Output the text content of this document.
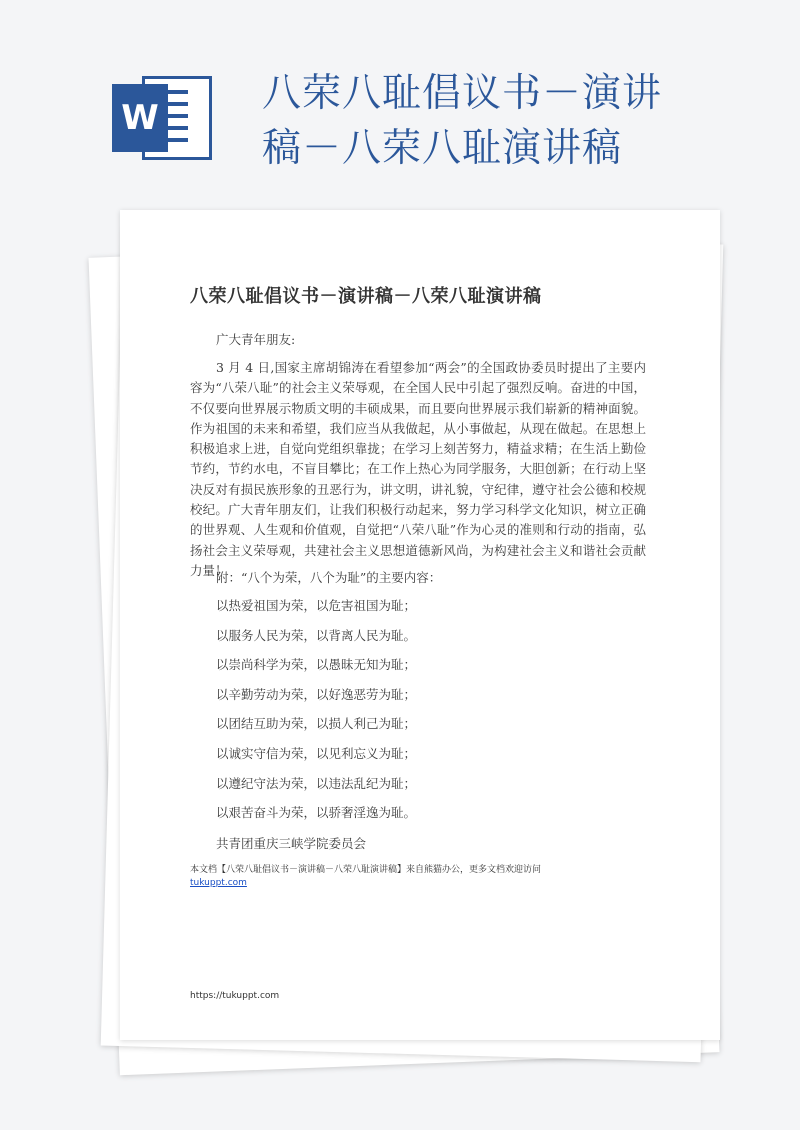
W
八荣八耻倡议书－演讲
稿－八荣八耻演讲稿
八荣八耻倡议书－演讲稿－八荣八耻演讲稿

广大青年朋友:

3 月 4 日,国家主席胡锦涛在看望参加“两会”的全国政协委员时提出了主要内容为“八荣八耻”的社会主义荣辱观，在全国人民中引起了强烈反响。奋进的中国，不仅要向世界展示物质文明的丰硕成果，而且要向世界展示我们崭新的精神面貌。作为祖国的未来和希望，我们应当从我做起，从小事做起，从现在做起。在思想上积极追求上进，自觉向党组织靠拢；在学习上刻苦努力，精益求精；在生活上勤俭节约，节约水电，不盲目攀比；在工作上热心为同学服务，大胆创新；在行动上坚决反对有损民族形象的丑恶行为，讲文明，讲礼貌，守纪律，遵守社会公德和校规校纪。广大青年朋友们，让我们积极行动起来，努力学习科学文化知识，树立正确的世界观、人生观和价值观，自觉把“八荣八耻”作为心灵的准则和行动的指南，弘扬社会主义荣辱观，共建社会主义思想道德新风尚，为构建社会主义和谐社会贡献力量！

附：“八个为荣，八个为耻”的主要内容：

以热爱祖国为荣，以危害祖国为耻；
以服务人民为荣，以背离人民为耻。
以崇尚科学为荣，以愚昧无知为耻；
以辛勤劳动为荣，以好逸恶劳为耻；
以团结互助为荣，以损人利己为耻；
以诚实守信为荣，以见利忘义为耻；
以遵纪守法为荣，以违法乱纪为耻；
以艰苦奋斗为荣，以骄奢淫逸为耻。

共青团重庆三峡学院委员会

本文档【八荣八耻倡议书－演讲稿－八荣八耻演讲稿】来自熊猫办公，更多文档欢迎访问
tukuppt.com
https://tukuppt.com
